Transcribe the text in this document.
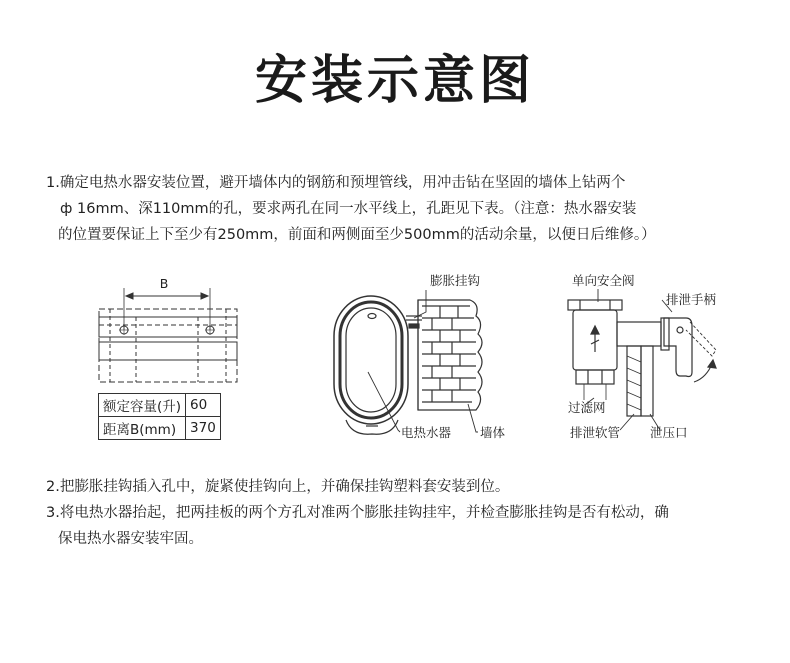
安装示意图
1.确定电热水器安装位置，避开墙体内的钢筋和预埋管线，用冲击钻在坚固的墙体上钻两个
ф 16mm、深110mm的孔，要求两孔在同一水平线上，孔距见下表。（注意：热水器安装
的位置要保证上下至少有250mm，前面和两侧面至少500mm的活动余量，以便日后维修。）
B	膨胀挂钩
电热水器 墙体
单向安全阀
排泄手柄
过滤网
排泄软管 泄压口
额定容量(升)	60
距离B(mm)	370
2.把膨胀挂钩插入孔中，旋紧使挂钩向上，并确保挂钩塑料套安装到位。
3.将电热水器抬起，把两挂板的两个方孔对准两个膨胀挂钩挂牢，并检查膨胀挂钩是否有松动，确
保电热水器安装牢固。
